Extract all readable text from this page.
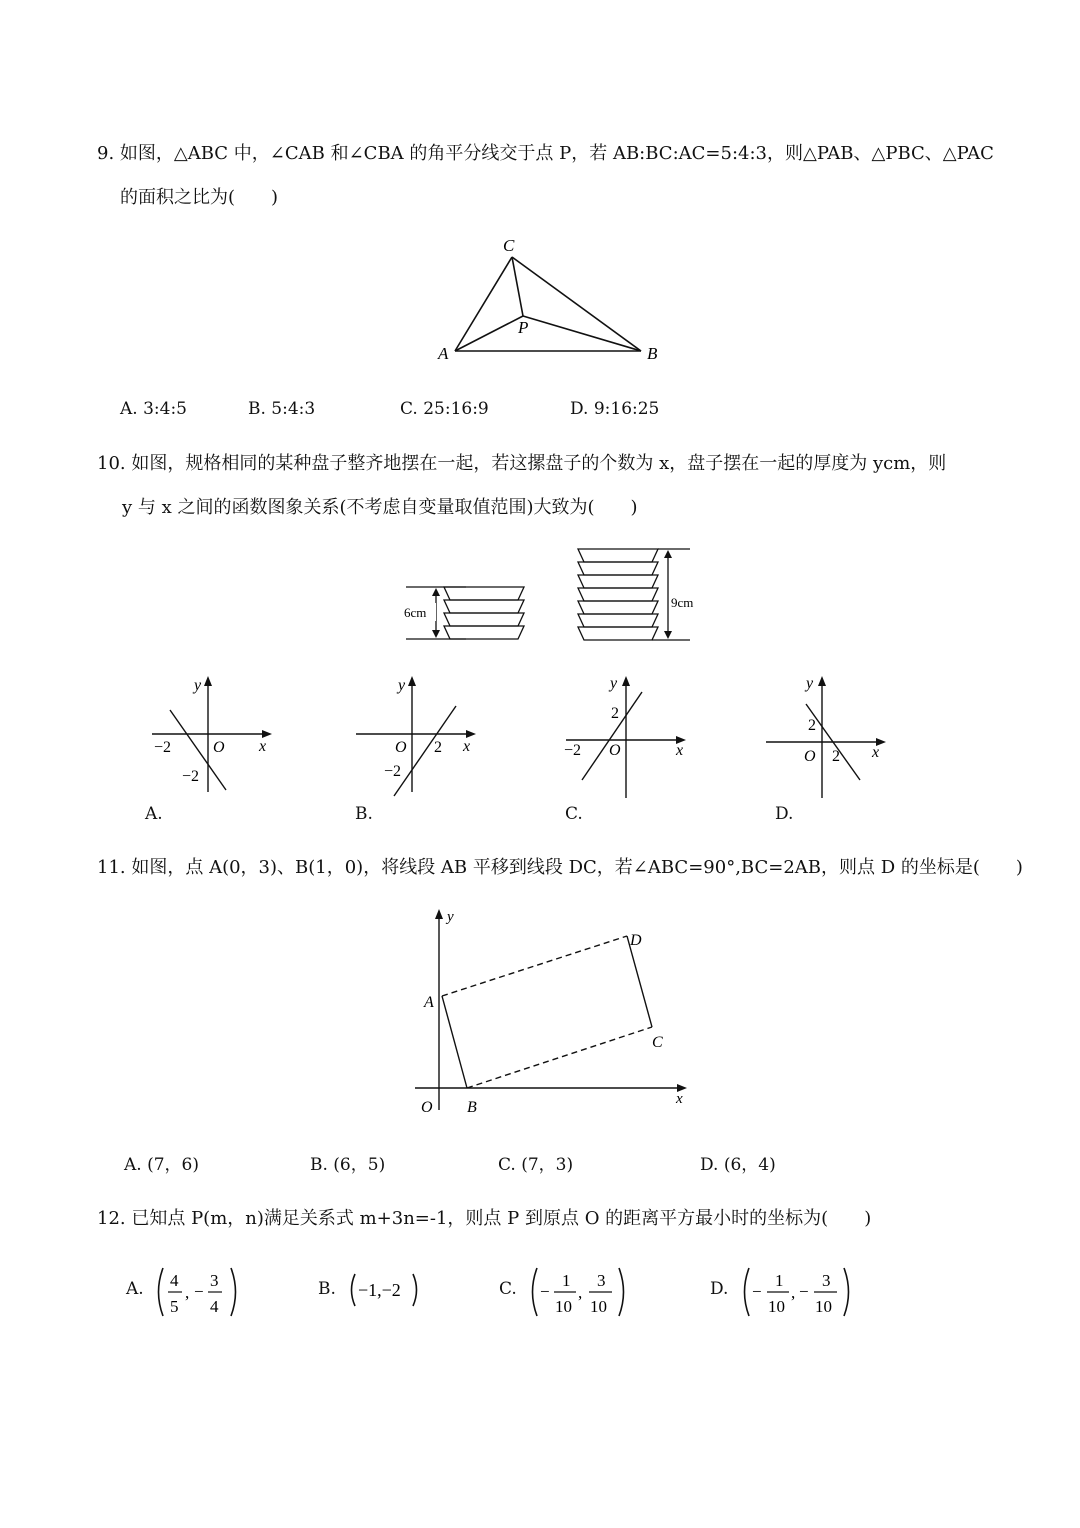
9. 如图，△ABC 中，∠CAB 和∠CBA 的角平分线交于点 P，若 AB:BC:AC=5:4:3，则△PAB、△PBC、△PAC
的面积之比为(　　)
C
P
A	B
A. 3:4:5	B. 5:4:3	C. 25:16:9	D. 9:16:25
10. 如图，规格相同的某种盘子整齐地摆在一起，若这摞盘子的个数为 x，盘子摆在一起的厚度为 ycm，则
y 与 x 之间的函数图象关系(不考虑自变量取值范围)大致为(　　)
6cm
9cm
y
x
O
−2
−2
A.
y
x
O 2
−2
B.
y
x
O
2
−2
C.
y
x
O
2
2
D.
11. 如图，点 A(0，3)、B(1，0)，将线段 AB 平移到线段 DC，若∠ABC=90°,BC=2AB，则点 D 的坐标是(　　)
y
x
O B
A
D
C
A. (7，6)	B. (6，5)	C. (7，3)	D. (6，4)
12. 已知点 P(m，n)满足关系式 m+3n=-1，则点 P 到原点 O 的距离平方最小时的坐标为(　　)
A. 4
5
, −
3
4
B. −1,−2	C. −
1
10
,
3
10
D. −
1
10
, −
3
10
